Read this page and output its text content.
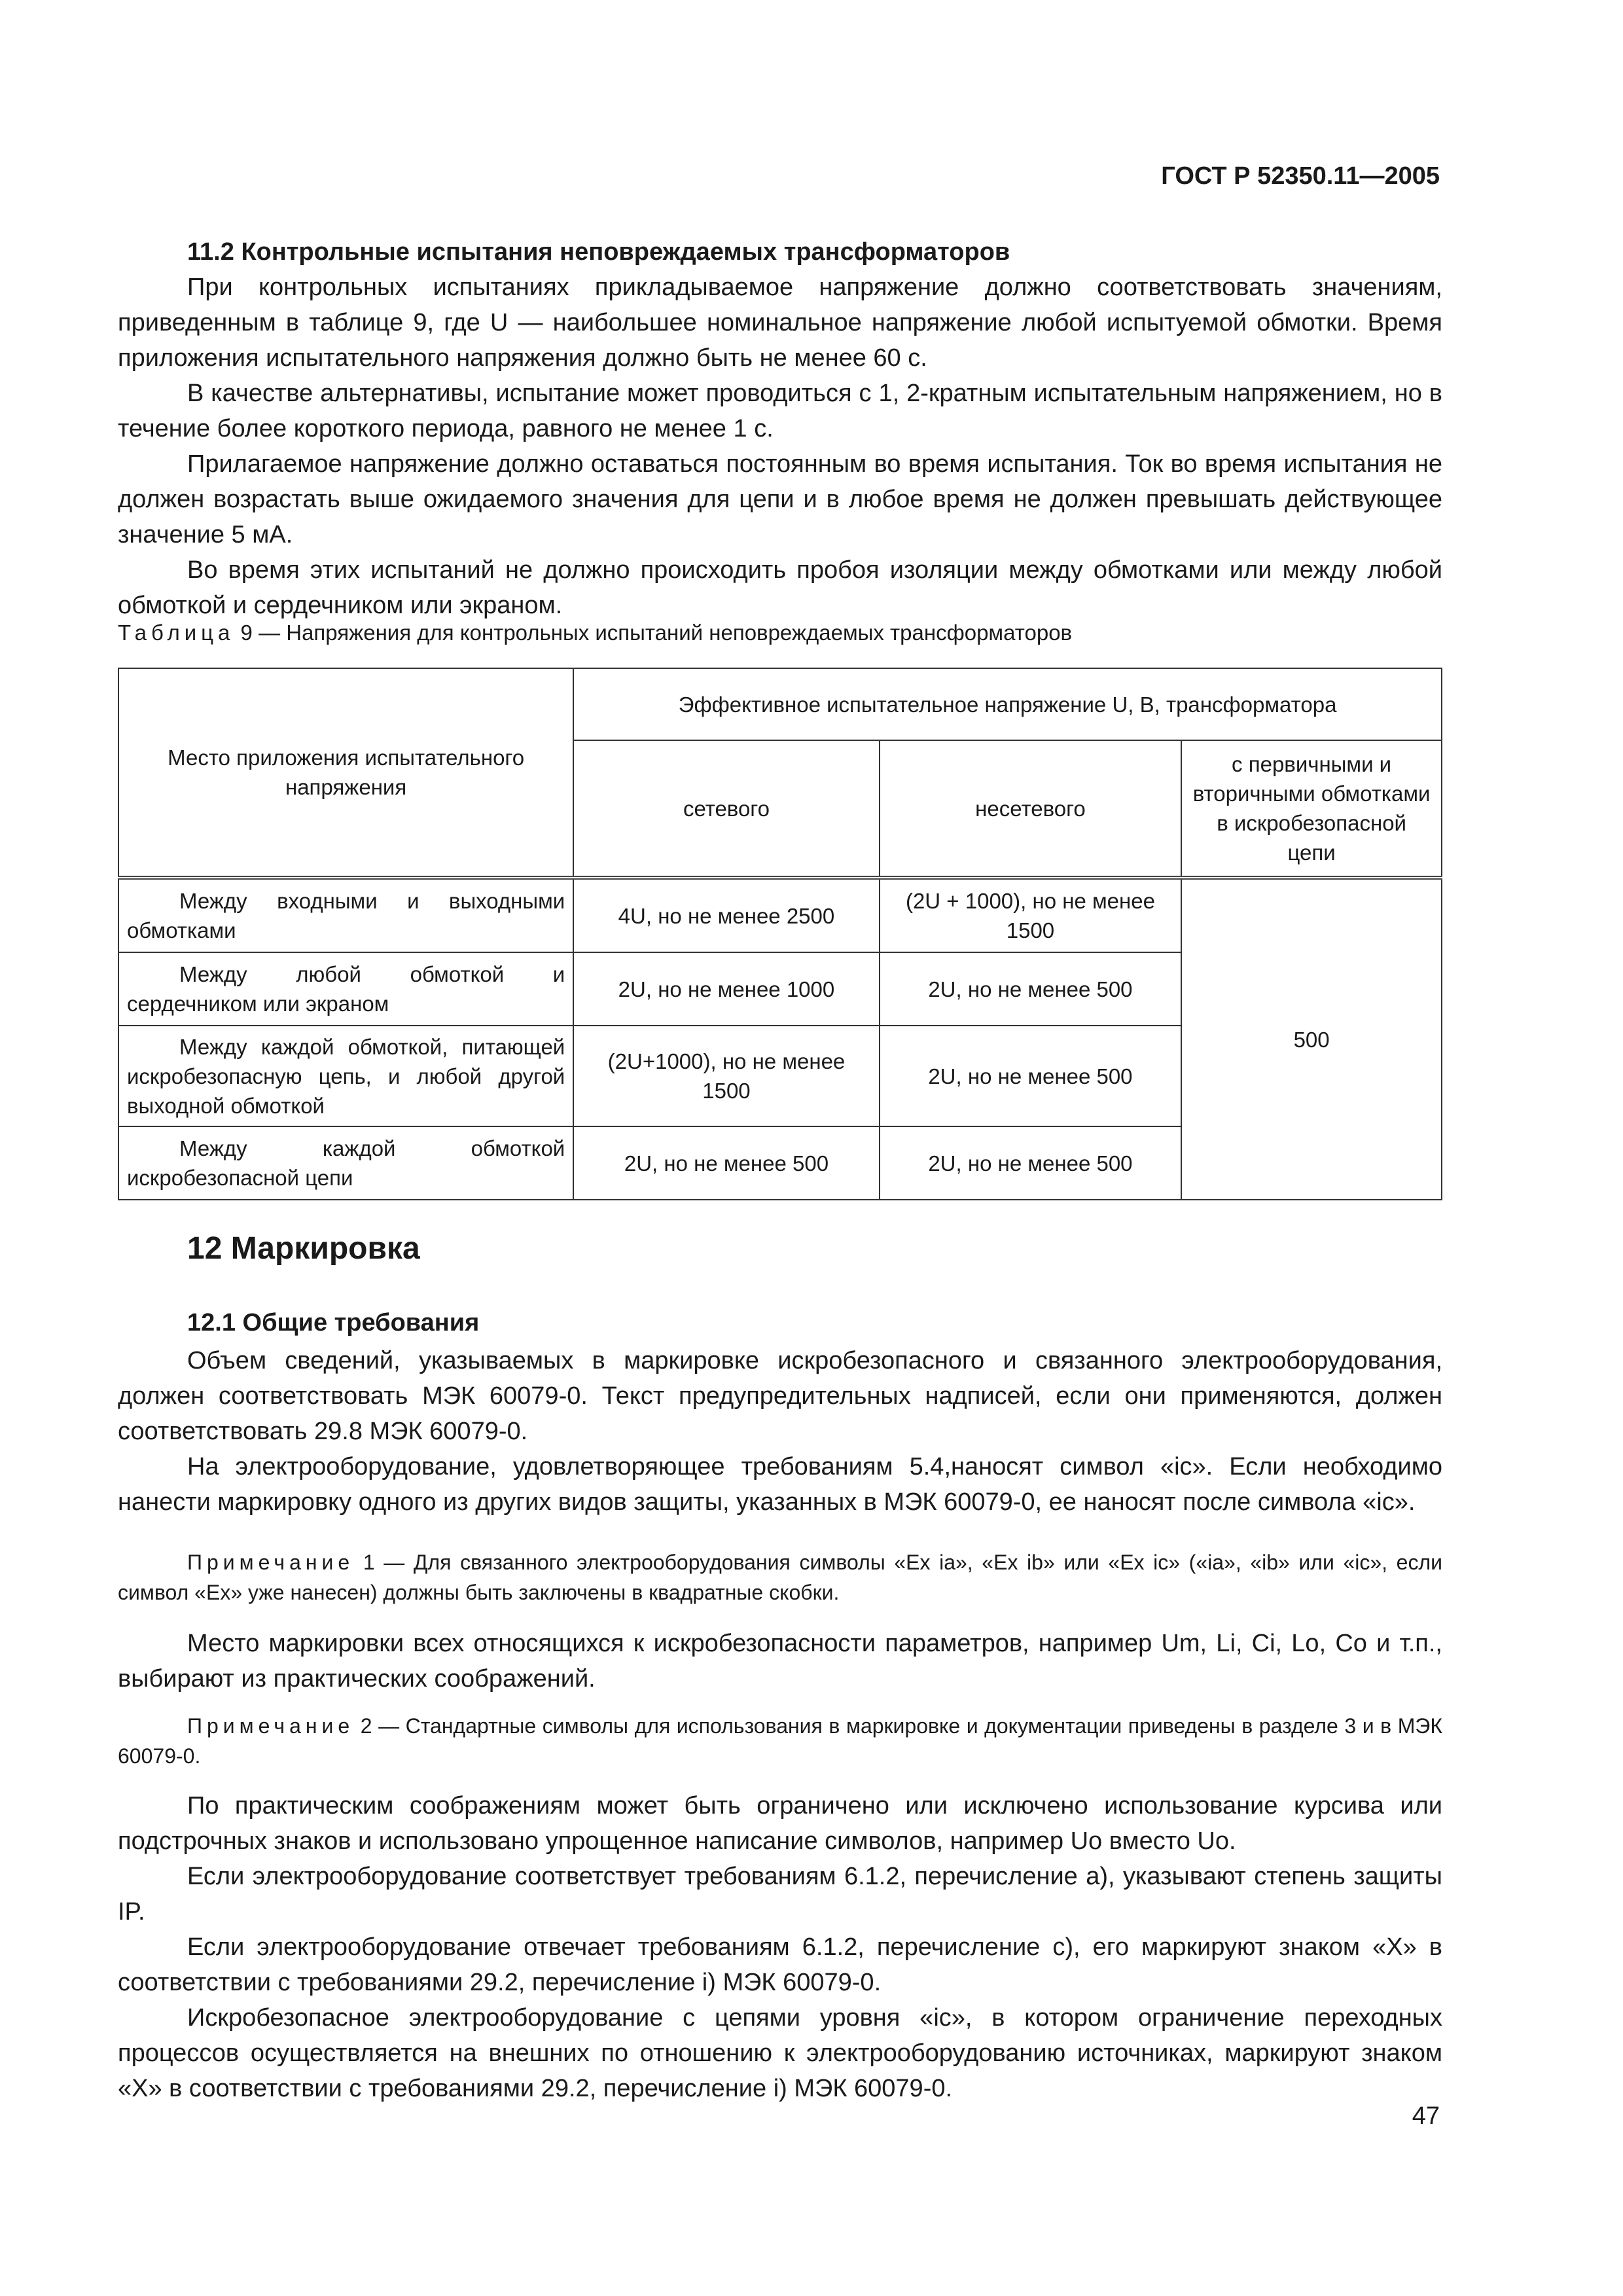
ГОСТ Р 52350.11—2005
11.2 Контрольные испытания неповреждаемых трансформаторов

При контрольных испытаниях прикладываемое напряжение должно соответствовать значениям, приведенным в таблице 9, где U — наибольшее номинальное напряжение любой испытуемой обмотки. Время приложения испытательного напряжения должно быть не менее 60 с.

В качестве альтернативы, испытание может проводиться с 1, 2-кратным испытательным напряжением, но в течение более короткого периода, равного не менее 1 с.

Прилагаемое напряжение должно оставаться постоянным во время испытания. Ток во время испытания не должен возрастать выше ожидаемого значения для цепи и в любое время не должен превышать действующее значение 5 мА.

Во время этих испытаний не должно происходить пробоя изоляции между обмотками или между любой обмоткой и сердечником или экраном.

Таблица 9 — Напряжения для контрольных испытаний неповреждаемых трансформаторов
Место приложения испытательного напряжения	Эффективное испытательное напряжение U, В, трансформатора		
	сетевого	несетевого	с первичными и вторичными обмотками в искробезопасной цепи
Между входными и выходными обмотками	4U, но не менее 2500	(2U + 1000), но не менее 1500	500
Между любой обмоткой и сердечником или экраном	2U, но не менее 1000	2U, но не менее 500	
Между каждой обмоткой, питающей искробезопасную цепь, и любой другой выходной обмоткой	(2U+1000), но не менее 1500	2U, но не менее 500	
Между каждой обмоткой искробезопасной цепи	2U, но не менее 500	2U, но не менее 500	
12 Маркировка
12.1 Общие требования

Объем сведений, указываемых в маркировке искробезопасного и связанного электрооборудования, должен соответствовать МЭК 60079-0. Текст предупредительных надписей, если они применяются, должен соответствовать 29.8 МЭК 60079-0.

На электрооборудование, удовлетворяющее требованиям 5.4,наносят символ «ic». Если необходимо нанести маркировку одного из других видов защиты, указанных в МЭК 60079-0, ее наносят после символа «ic».

Примечание 1 — Для связанного электрооборудования символы «Ex ia», «Ex ib» или «Ex ic» («ia», «ib» или «ic», если символ «Ex» уже нанесен) должны быть заключены в квадратные скобки.

Место маркировки всех относящихся к искробезопасности параметров, например Um, Li, Ci, Lo, Co и т.п., выбирают из практических соображений.

Примечание 2 — Стандартные символы для использования в маркировке и документации приведены в разделе 3 и в МЭК 60079-0.

По практическим соображениям может быть ограничено или исключено использование курсива или подстрочных знаков и использовано упрощенное написание символов, например Uo вместо Uo.

Если электрооборудование соответствует требованиям 6.1.2, перечисление а), указывают степень защиты IP.

Если электрооборудование отвечает требованиям 6.1.2, перечисление с), его маркируют знаком «Х» в соответствии с требованиями 29.2, перечисление i) МЭК 60079-0.

Искробезопасное электрооборудование с цепями уровня «ic», в котором ограничение переходных процессов осуществляется на внешних по отношению к электрооборудованию источниках, маркируют знаком «Х» в соответствии с требованиями 29.2, перечисление i) МЭК 60079-0.

47
